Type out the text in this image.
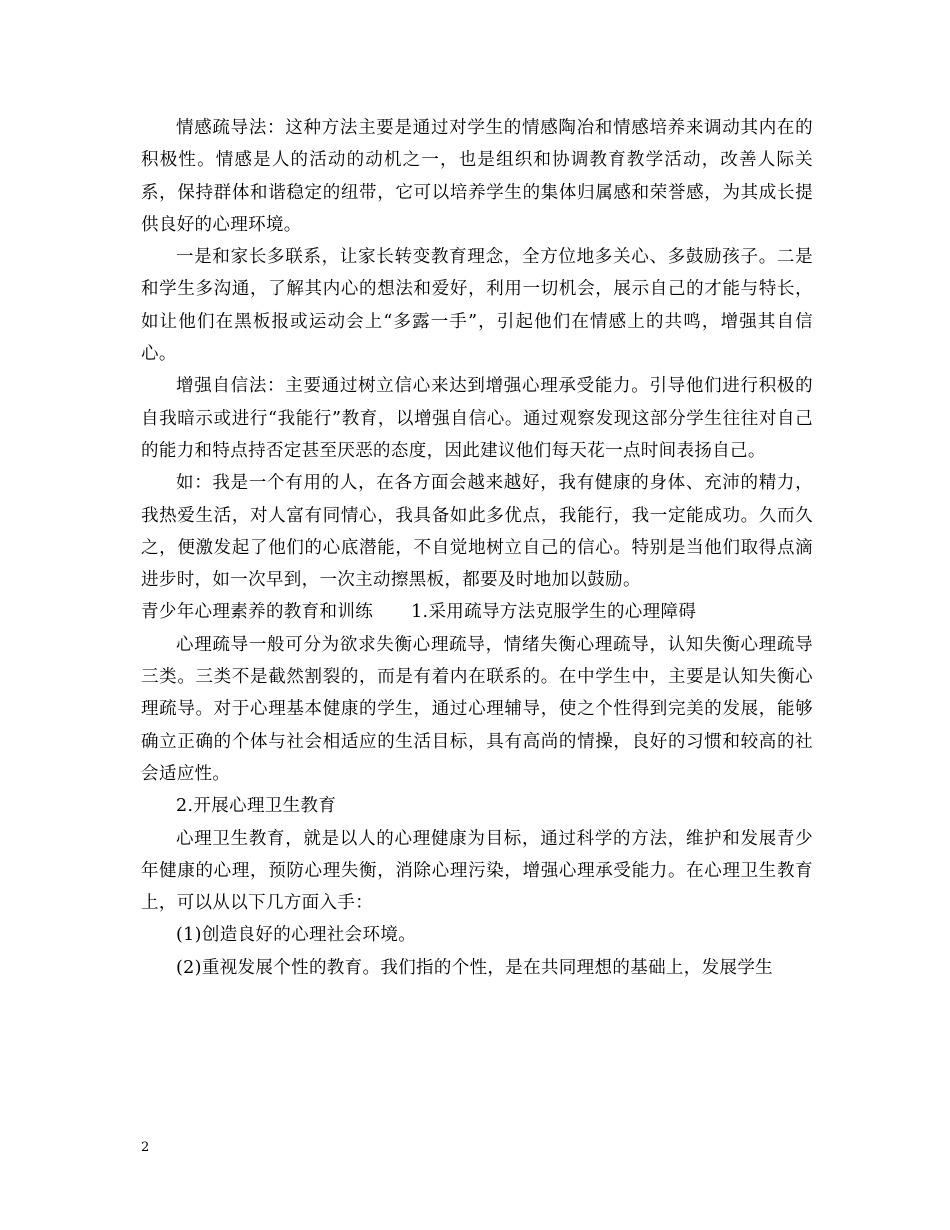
情感疏导法：这种方法主要是通过对学生的情感陶冶和情感培养来调动其内在的积极性。情感是人的活动的动机之一，也是组织和协调教育教学活动，改善人际关系，保持群体和谐稳定的纽带，它可以培养学生的集体归属感和荣誉感，为其成长提供良好的心理环境。

一是和家长多联系，让家长转变教育理念，全方位地多关心、多鼓励孩子。二是和学生多沟通，了解其内心的想法和爱好，利用一切机会，展示自己的才能与特长，如让他们在黑板报或运动会上“多露一手”，引起他们在情感上的共鸣，增强其自信心。

增强自信法：主要通过树立信心来达到增强心理承受能力。引导他们进行积极的自我暗示或进行“我能行”教育，以增强自信心。通过观察发现这部分学生往往对自己的能力和特点持否定甚至厌恶的态度，因此建议他们每天花一点时间表扬自己。

如：我是一个有用的人，在各方面会越来越好，我有健康的身体、充沛的精力，我热爱生活，对人富有同情心，我具备如此多优点，我能行，我一定能成功。久而久之，便激发起了他们的心底潜能，不自觉地树立自己的信心。特别是当他们取得点滴进步时，如一次早到，一次主动擦黑板，都要及时地加以鼓励。

青少年心理素养的教育和训练 1.采用疏导方法克服学生的心理障碍

心理疏导一般可分为欲求失衡心理疏导，情绪失衡心理疏导，认知失衡心理疏导三类。三类不是截然割裂的，而是有着内在联系的。在中学生中，主要是认知失衡心理疏导。对于心理基本健康的学生，通过心理辅导，使之个性得到完美的发展，能够确立正确的个体与社会相适应的生活目标，具有高尚的情操，良好的习惯和较高的社会适应性。

2.开展心理卫生教育

心理卫生教育，就是以人的心理健康为目标，通过科学的方法，维护和发展青少年健康的心理，预防心理失衡，消除心理污染，增强心理承受能力。在心理卫生教育上，可以从以下几方面入手：

(1)创造良好的心理社会环境。

(2)重视发展个性的教育。我们指的个性，是在共同理想的基础上，发展学生

2
